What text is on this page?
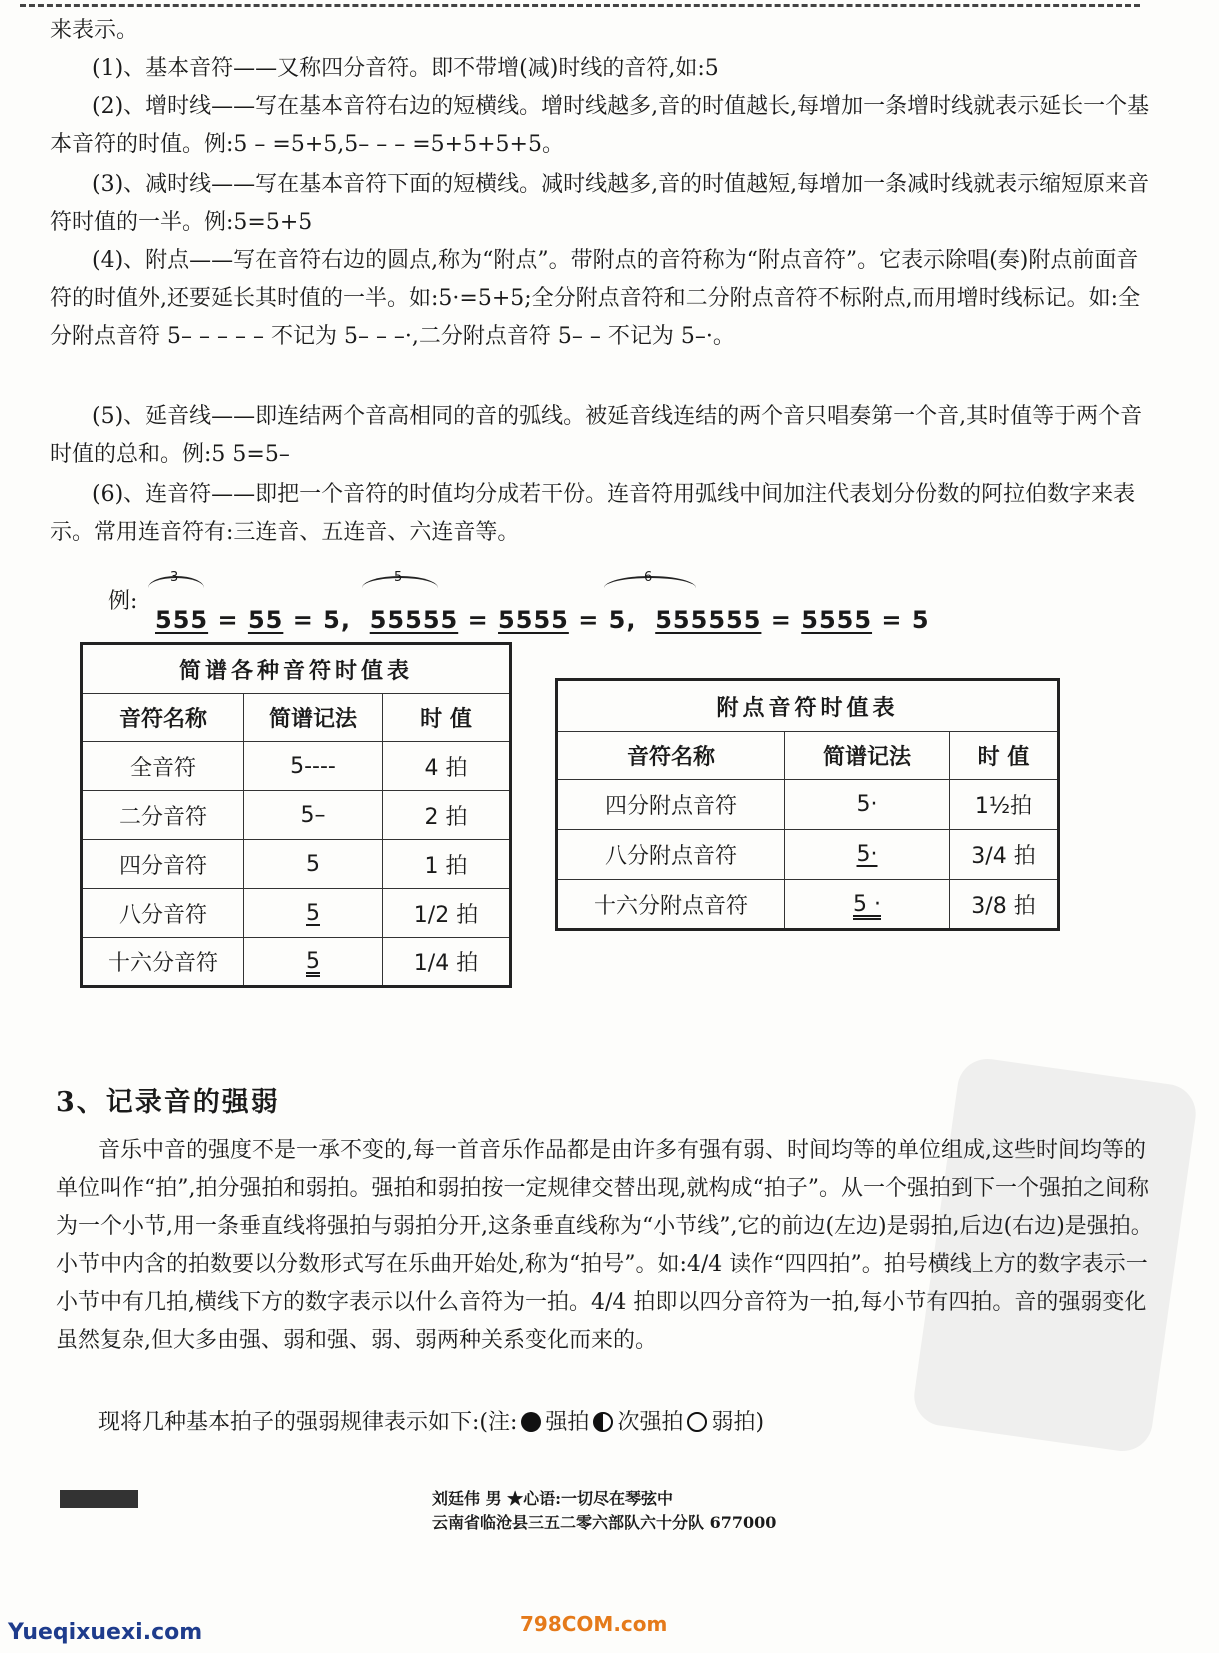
来表示。

(1)、基本音符——又称四分音符。即不带增(减)时线的音符,如:5

(2)、增时线——写在基本音符右边的短横线。增时线越多,音的时值越长,每增加一条增时线就表示延长一个基本音符的时值。例:5 – =5+5,5– – – =5+5+5+5。

(3)、减时线——写在基本音符下面的短横线。减时线越多,音的时值越短,每增加一条减时线就表示缩短原来音符时值的一半。例:5=5+5

(4)、附点——写在音符右边的圆点,称为“附点”。带附点的音符称为“附点音符”。它表示除唱(奏)附点前面音符的时值外,还要延长其时值的一半。如:5·=5+5;全分附点音符和二分附点音符不标附点,而用增时线标记。如:全分附点音符 5– – – – – 不记为 5– – –·,二分附点音符 5– – 不记为 5–·。

(5)、延音线——即连结两个音高相同的音的弧线。被延音线连结的两个音只唱奏第一个音,其时值等于两个音时值的总和。例:5 5=5–

(6)、连音符——即把一个音符的时值均分成若干份。连音符用弧线中间加注代表划分份数的阿拉伯数字来表示。常用连音符有:三连音、五连音、六连音等。

例:
3	5	6
555 = 55 = 5, 55555 = 5555 = 5, 555555 = 5555 = 5
简谱各种音符时值表		
音符名称	简谱记法	时 值
全音符	5----	4 拍
二分音符	5–	2 拍
四分音符	5	1 拍
八分音符	5	1/2 拍
十六分音符	5	1/4 拍
附点音符时值表		
音符名称	简谱记法	时 值
四分附点音符	5·	1½拍
八分附点音符	5·	3/4 拍
十六分附点音符	5 ·	3/8 拍
3、记录音的强弱

音乐中音的强度不是一承不变的,每一首音乐作品都是由许多有强有弱、时间均等的单位组成,这些时间均等的单位叫作“拍”,拍分强拍和弱拍。强拍和弱拍按一定规律交替出现,就构成“拍子”。从一个强拍到下一个强拍之间称为一个小节,用一条垂直线将强拍与弱拍分开,这条垂直线称为“小节线”,它的前边(左边)是弱拍,后边(右边)是强拍。小节中内含的拍数要以分数形式写在乐曲开始处,称为“拍号”。如:4/4 读作“四四拍”。拍号横线上方的数字表示一小节中有几拍,横线下方的数字表示以什么音符为一拍。4/4 拍即以四分音符为一拍,每小节有四拍。音的强弱变化虽然复杂,但大多由强、弱和强、弱、弱两种关系变化而来的。

现将几种基本拍子的强弱规律表示如下:(注: 强拍 次强拍 弱拍)

刘廷伟 男 ★心语:一切尽在琴弦中
云南省临沧县三五二零六部队六十分队 677000
Yueqixuexi.com	798COM.com
